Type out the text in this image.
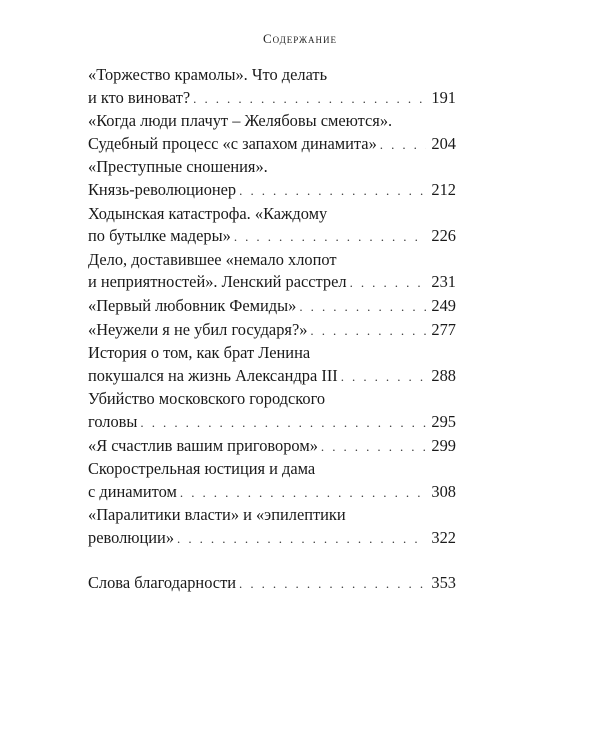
Содержание
«Торжество крамолы». Что делать
и кто виноват? . . .	191
«Когда люди плачут – Желябовы смеются».
Судебный процесс «с запахом динамита» . . .	204
«Преступные сношения».
Князь-революционер . . .	212
Ходынская катастрофа. «Каждому
по бутылке мадеры» . . .	226
Дело, доставившее «немало хлопот
и неприятностей». Ленский расстрел . . .	231
«Первый любовник Фемиды» . . .	249
«Неужели я не убил государя?» . . .	277
История о том, как брат Ленина
покушался на жизнь Александра III . . .	288
Убийство московского городского
головы . . .	295
«Я счастлив вашим приговором» . . .	299
Скорострельная юстиция и дама
с динамитом . . .	308
«Паралитики власти» и «эпилептики
революции» . . .	322
Слова благодарности . . .	353
